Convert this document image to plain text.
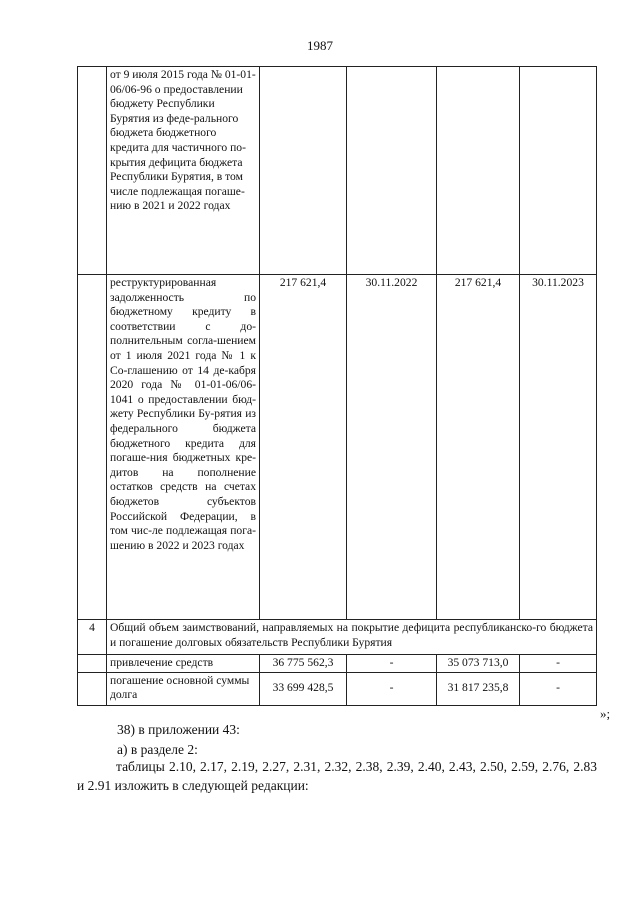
1987
	от 9 июля 2015 года № 01-01-06/06-96 о предоставлении бюджету Республики Бурятия из феде-рального бюджета бюджетного кредита для частичного по-крытия дефицита бюджета Республики Бурятия, в том числе подлежащая погаше-нию в 2021 и 2022 годах				
	реструктурированная задолженность по бюджетному кредиту в соответствии с до-полнительным согла-шением от 1 июля 2021 года № 1 к Со-глашению от 14 де-кабря 2020 года № 01-01-06/06-1041 о предоставлении бюд-жету Республики Бу-рятия из федерального бюджета бюджетного кредита для погаше-ния бюджетных кре-дитов на пополнение остатков средств на счетах бюджетов субъектов Российской Федерации, в том чис-ле подлежащая пога-шению в 2022 и 2023 годах	217 621,4	30.11.2022	217 621,4	30.11.2023
4	Общий объем заимствований, направляемых на покрытие дефицита республиканско-го бюджета и погашение долговых обязательств Республики Бурятия				
	привлечение средств	36 775 562,3	-	35 073 713,0	-
	погашение основной суммы долга	33 699 428,5	-	31 817 235,8	-
»;
38) в приложении 43:
а) в разделе 2:
таблицы 2.10, 2.17, 2.19, 2.27, 2.31, 2.32, 2.38, 2.39, 2.40, 2.43, 2.50, 2.59, 2.76, 2.83 и 2.91 изложить в следующей редакции:
